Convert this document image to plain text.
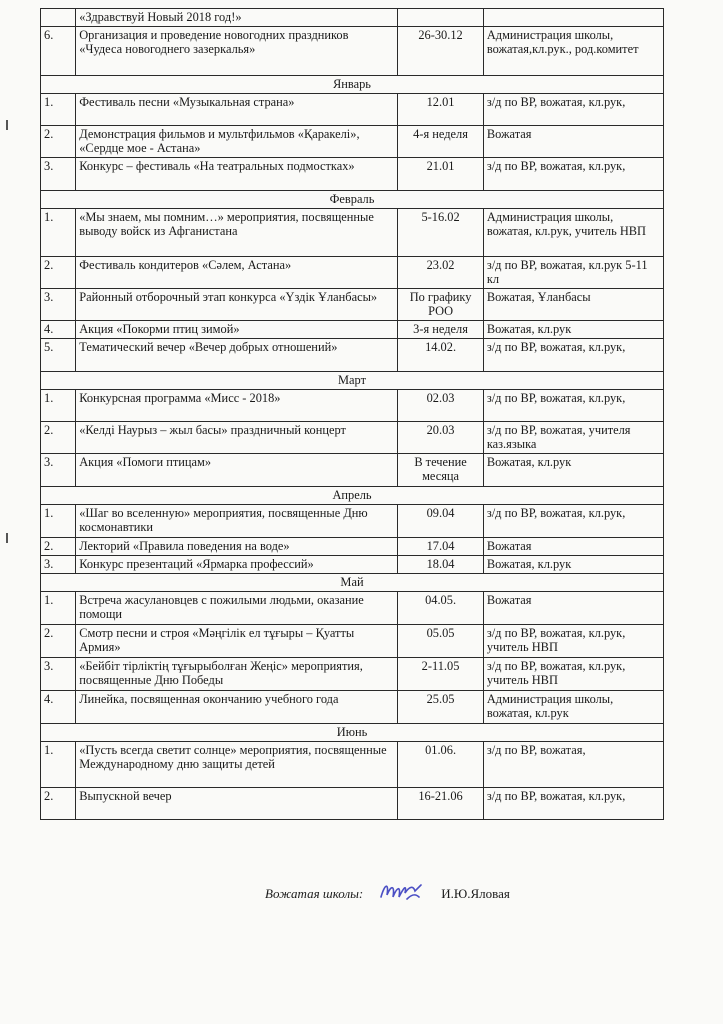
	«Здравствуй Новый 2018 год!»		
6.	Организация и проведение новогодних праздников «Чудеса новогоднего зазеркалья»	26-30.12	Администрация школы, вожатая,кл.рук., род.комитет
Январь			
1.	Фестиваль песни «Музыкальная страна»	12.01	з/д по ВР, вожатая, кл.рук,
2.	Демонстрация фильмов и мультфильмов «Қаракелі», «Сердце мое - Астана»	4-я неделя	Вожатая
3.	Конкурс – фестиваль «На театральных подмостках»	21.01	з/д по ВР, вожатая, кл.рук,
Февраль			
1.	«Мы знаем, мы помним…» мероприятия, посвященные выводу войск из Афганистана	5-16.02	Администрация школы, вожатая, кл.рук, учитель НВП
2.	Фестиваль кондитеров «Сәлем, Астана»	23.02	з/д по ВР, вожатая, кл.рук 5-11 кл
3.	Районный отборочный этап конкурса «Үздік Ұланбасы»	По графику РОО	Вожатая, Ұланбасы
4.	Акция «Покорми птиц зимой»	3-я неделя	Вожатая, кл.рук
5.	Тематический вечер «Вечер добрых отношений»	14.02.	з/д по ВР, вожатая, кл.рук,
Март			
1.	Конкурсная программа «Мисс - 2018»	02.03	з/д по ВР, вожатая, кл.рук,
2.	«Келді Наурыз – жыл басы» праздничный концерт	20.03	з/д по ВР, вожатая, учителя каз.языка
3.	Акция «Помоги птицам»	В течение месяца	Вожатая, кл.рук
Апрель			
1.	«Шаг во вселенную» мероприятия, посвященные Дню космонавтики	09.04	з/д по ВР, вожатая, кл.рук,
2.	Лекторий «Правила поведения на воде»	17.04	Вожатая
3.	Конкурс презентаций «Ярмарка профессий»	18.04	Вожатая, кл.рук
Май			
1.	Встреча жасулановцев с пожилыми людьми, оказание помощи	04.05.	Вожатая
2.	Смотр песни и строя «Мәңгілік ел тұғыры – Қуатты Армия»	05.05	з/д по ВР, вожатая, кл.рук, учитель НВП
3.	«Бейбіт тірліктің тұғырыболған Жеңіс» мероприятия, посвященные Дню Победы	2-11.05	з/д по ВР, вожатая, кл.рук, учитель НВП
4.	Линейка, посвященная окончанию учебного года	25.05	Администрация школы, вожатая, кл.рук
Июнь			
1.	«Пусть всегда светит солнце» мероприятия, посвященные Международному дню защиты детей	01.06.	з/д по ВР, вожатая,
2.	Выпускной вечер	16-21.06	з/д по ВР, вожатая, кл.рук,
Вожатая школы:	И.Ю.Яловая
